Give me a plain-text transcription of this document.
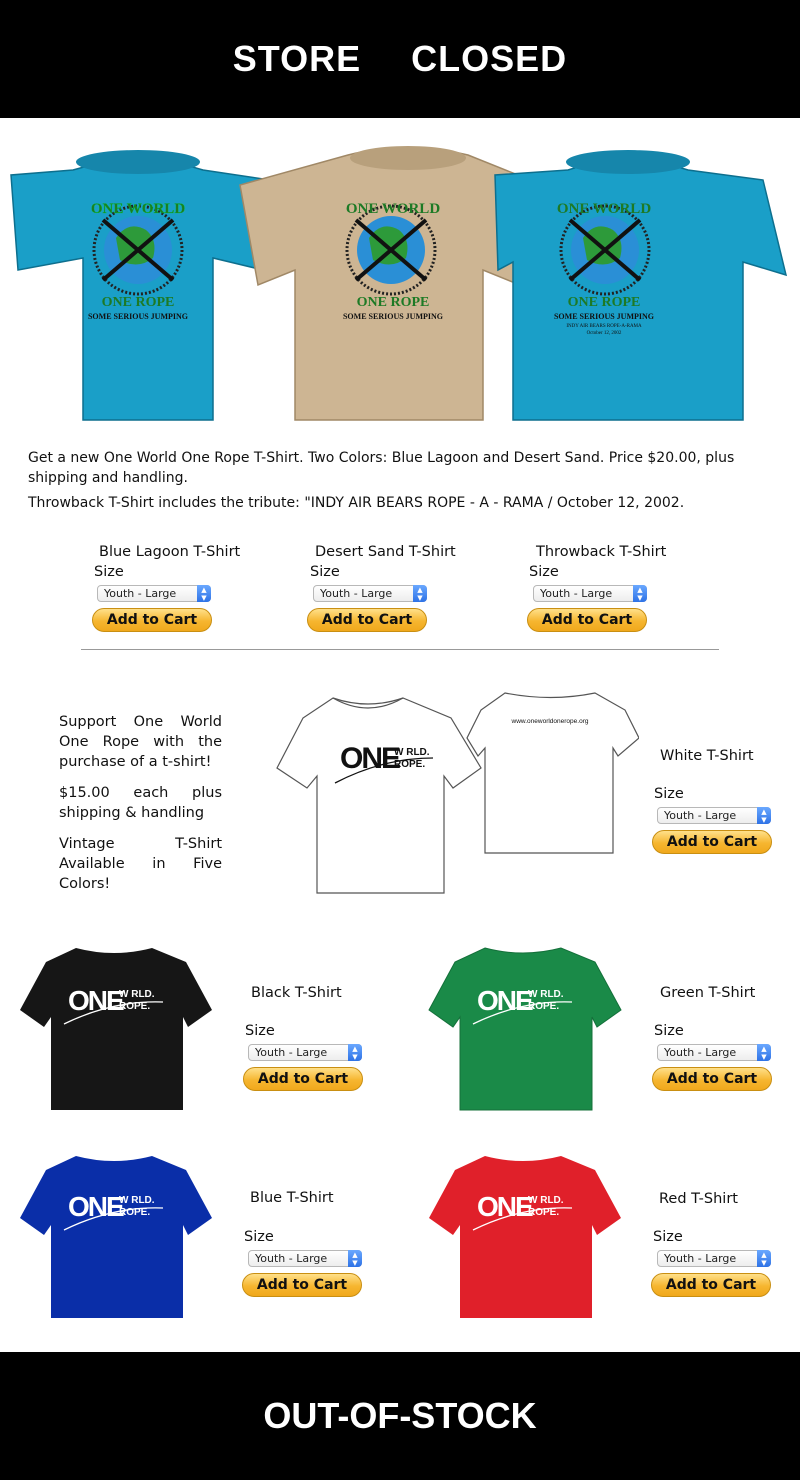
STORE  CLOSED
ONE WORLD
ONE ROPE
SOME SERIOUS JUMPING
ONE WORLD
ONE ROPE
SOME SERIOUS JUMPING
ONE WORLD
ONE ROPE
SOME SERIOUS JUMPING
INDY AIR BEARS ROPE-A-RAMA
October 12, 2002
Get a new One World One Rope T-Shirt. Two Colors: Blue Lagoon and Desert Sand. Price $20.00, plus shipping and handling.
Throwback T-Shirt includes the tribute: "INDY AIR BEARS ROPE - A - RAMA / October 12, 2002.
Blue Lagoon T-Shirt
Size
Youth - Large	▲
▼
Add to Cart
Desert Sand T-Shirt
Size
Youth - Large	▲
▼
Add to Cart
Throwback T-Shirt
Size
Youth - Large	▲
▼
Add to Cart
Support One World One Rope with the purchase of a t-shirt!
$15.00 each plus shipping & handling
Vintage T-Shirt Available in Five Colors!
ONE
W RLD.
ROPE.
www.oneworldonerope.org
White T-Shirt
Size
Youth - Large	▲
▼
Add to Cart
ONE
W RLD.
ROPE.
Black T-Shirt
Size
Youth - Large	▲
▼
Add to Cart
ONE
W RLD.
ROPE.
Green T-Shirt
Size
Youth - Large	▲
▼
Add to Cart
ONE
W RLD.
ROPE.
Blue T-Shirt
Size
Youth - Large	▲
▼
Add to Cart
ONE
W RLD.
ROPE.
Red T-Shirt
Size
Youth - Large	▲
▼
Add to Cart
OUT-OF-STOCK
